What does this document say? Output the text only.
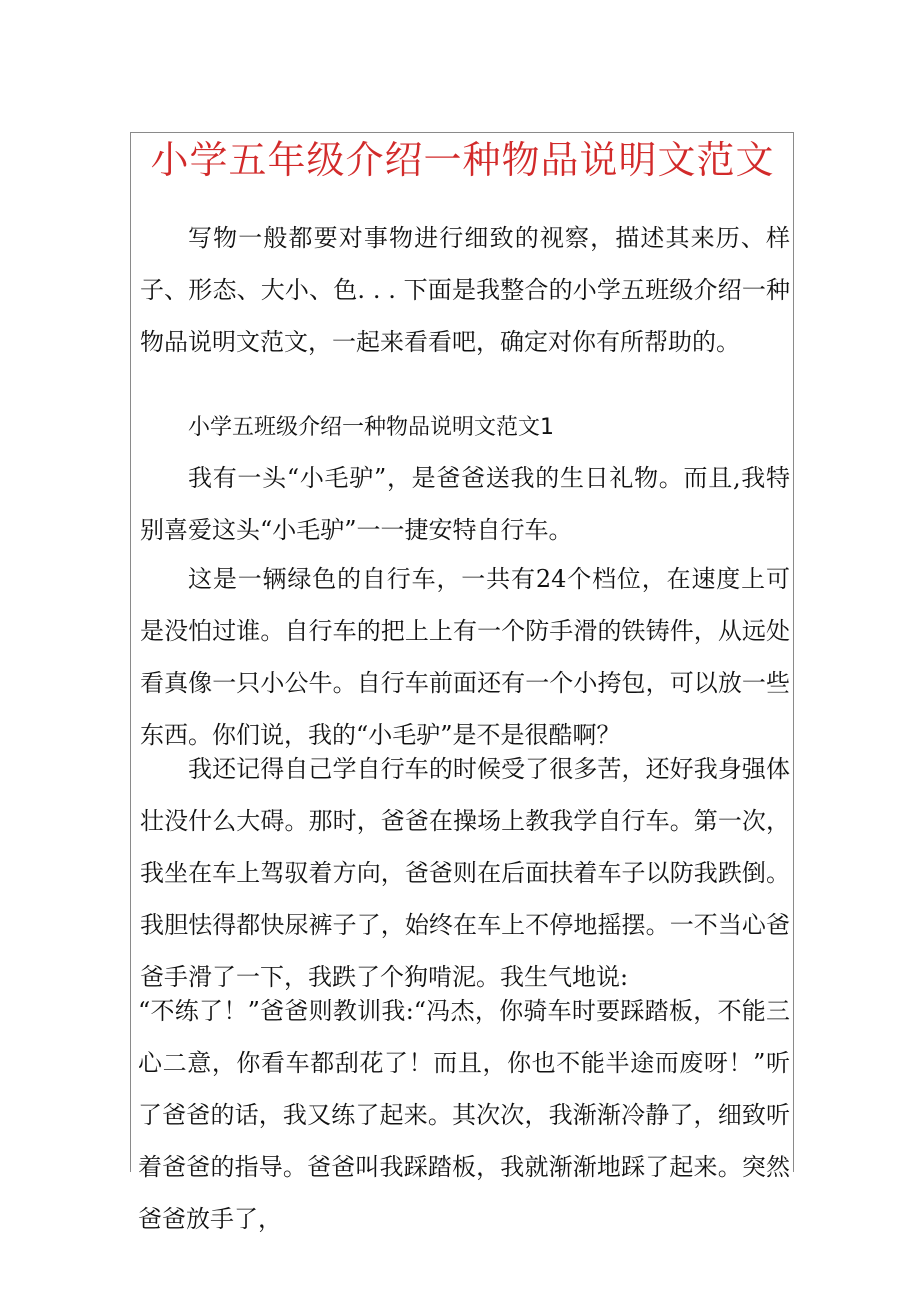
小学五年级介绍一种物品说明文范文

写物一般都要对事物进行细致的视察，描述其来历、样子、形态、大小、色. . . 下面是我整合的小学五班级介绍一种物品说明文范文，一起来看看吧，确定对你有所帮助的。

小学五班级介绍一种物品说明文范文1

我有一头“小毛驴”，是爸爸送我的生日礼物。而且,我特别喜爱这头“小毛驴”一一捷安特自行车。

这是一辆绿色的自行车，一共有24个档位，在速度上可是没怕过谁。自行车的把上上有一个防手滑的铁铸件，从远处看真像一只小公牛。自行车前面还有一个小挎包，可以放一些东西。你们说，我的“小毛驴”是不是很酷啊？

我还记得自己学自行车的时候受了很多苦，还好我身强体壮没什么大碍。那时，爸爸在操场上教我学自行车。第一次，我坐在车上驾驭着方向，爸爸则在后面扶着车子以防我跌倒。我胆怯得都快尿裤子了，始终在车上不停地摇摆。一不当心爸爸手滑了一下，我跌了个狗啃泥。我生气地说:

“不练了！”爸爸则教训我:“冯杰，你骑车时要踩踏板，不能三心二意，你看车都刮花了！而且，你也不能半途而废呀！”听了爸爸的话，我又练了起来。其次次，我渐渐冷静了，细致听着爸爸的指导。爸爸叫我踩踏板，我就渐渐地踩了起来。突然爸爸放手了，
